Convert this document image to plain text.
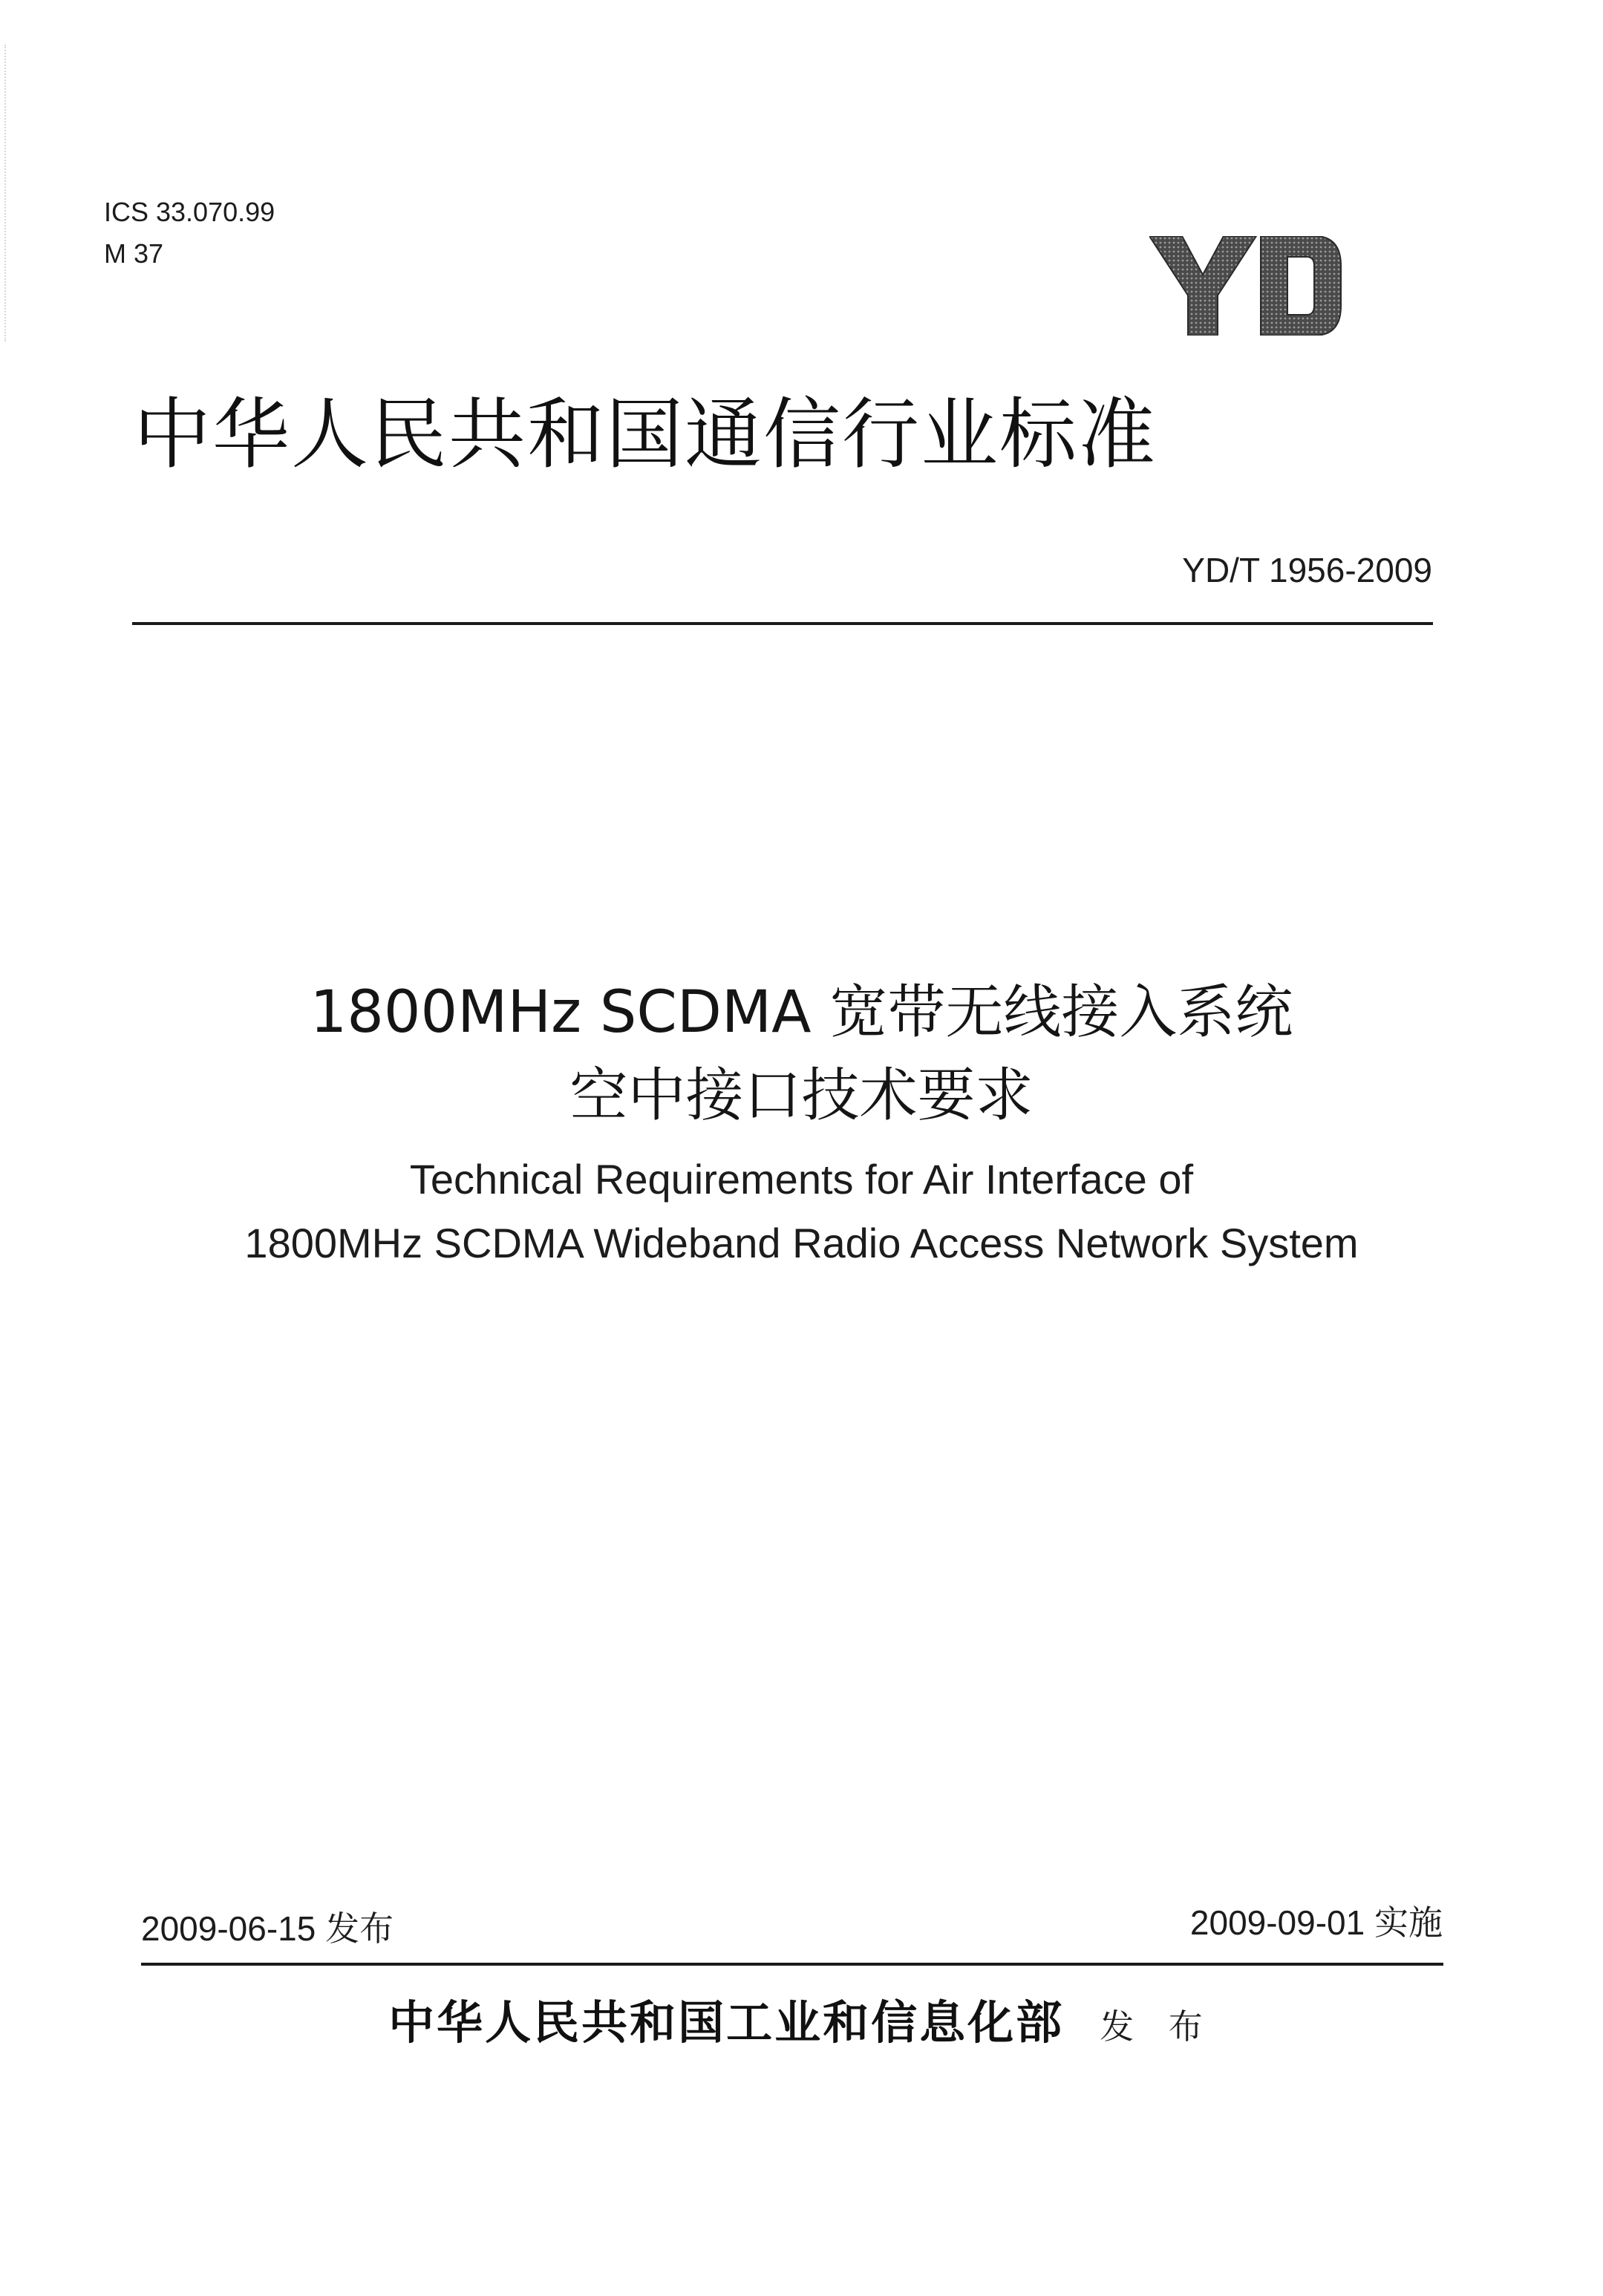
ICS 33.070.99
M 37
中华人民共和国通信行业标准
YD/T 1956-2009
1800MHz SCDMA 宽带无线接入系统
空中接口技术要求
Technical Requirements for Air Interface of
1800MHz SCDMA Wideband Radio Access Network System
2009-06-15 发布	2009-09-01 实施
中华人民共和国工业和信息化部 发 布
